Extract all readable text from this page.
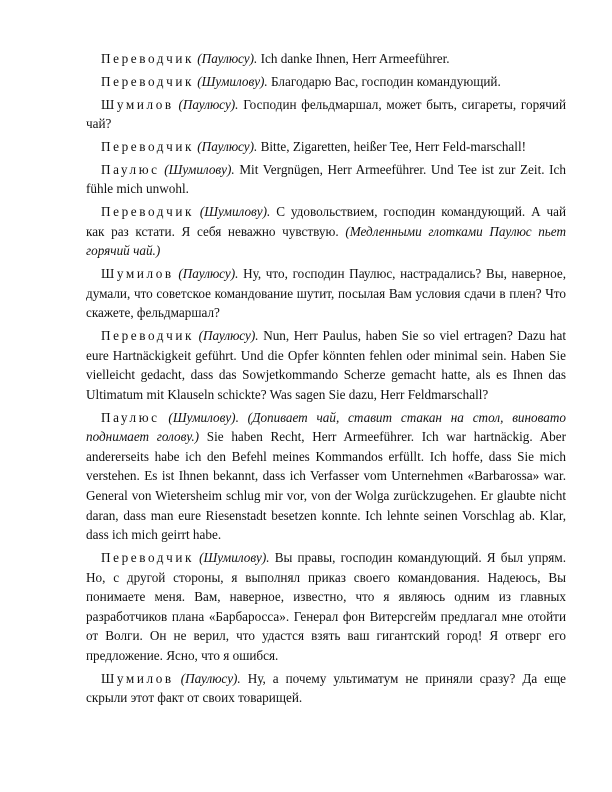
Переводчик (Паулюсу). Ich danke Ihnen, Herr Armeeführer.

Переводчик (Шумилову). Благодарю Вас, господин командующий.

Шумилов (Паулюсу). Господин фельдмаршал, может быть, сигареты, горячий чай?

Переводчик (Паулюсу). Bitte, Zigaretten, heißer Tee, Herr Feld-marschall!

Паулюс (Шумилову). Mit Vergnügen, Herr Armeeführer. Und Tee ist zur Zeit. Ich fühle mich unwohl.

Переводчик (Шумилову). С удовольствием, господин командующий. А чай как раз кстати. Я себя неважно чувствую. (Медленными глотками Паулюс пьет горячий чай.)

Шумилов (Паулюсу). Ну, что, господин Паулюс, настрадались? Вы, наверное, думали, что советское командование шутит, посылая Вам условия сдачи в плен? Что скажете, фельдмаршал?

Переводчик (Паулюсу). Nun, Herr Paulus, haben Sie so viel ertragen? Dazu hat eure Hartnäckigkeit geführt. Und die Opfer könnten fehlen oder minimal sein. Haben Sie vielleicht gedacht, dass das Sowjetkommando Scherze gemacht hatte, als es Ihnen das Ultimatum mit Klauseln schickte? Was sagen Sie dazu, Herr Feldmarschall?

Паулюс (Шумилову). (Допивает чай, ставит стакан на стол, виновато поднимает голову.) Sie haben Recht, Herr Armeeführer. Ich war hartnäckig. Aber andererseits habe ich den Befehl meines Kommandos erfüllt. Ich hoffe, dass Sie mich verstehen. Es ist Ihnen bekannt, dass ich Verfasser vom Unternehmen «Barbarossa» war. General von Wietersheim schlug mir vor, von der Wolga zurückzugehen. Er glaubte nicht daran, dass man eure Riesenstadt besetzen konnte. Ich lehnte seinen Vorschlag ab. Klar, dass ich mich geirrt habe.

Переводчик (Шумилову). Вы правы, господин командующий. Я был упрям. Но, с другой стороны, я выполнял приказ своего командования. Надеюсь, Вы понимаете меня. Вам, наверное, известно, что я являюсь одним из главных разработчиков плана «Барбаросса». Генерал фон Витерсгейм предлагал мне отойти от Волги. Он не верил, что удастся взять ваш гигантский город! Я отверг его предложение. Ясно, что я ошибся.

Шумилов (Паулюсу). Ну, а почему ультиматум не приняли сразу? Да еще скрыли этот факт от своих товарищей.
